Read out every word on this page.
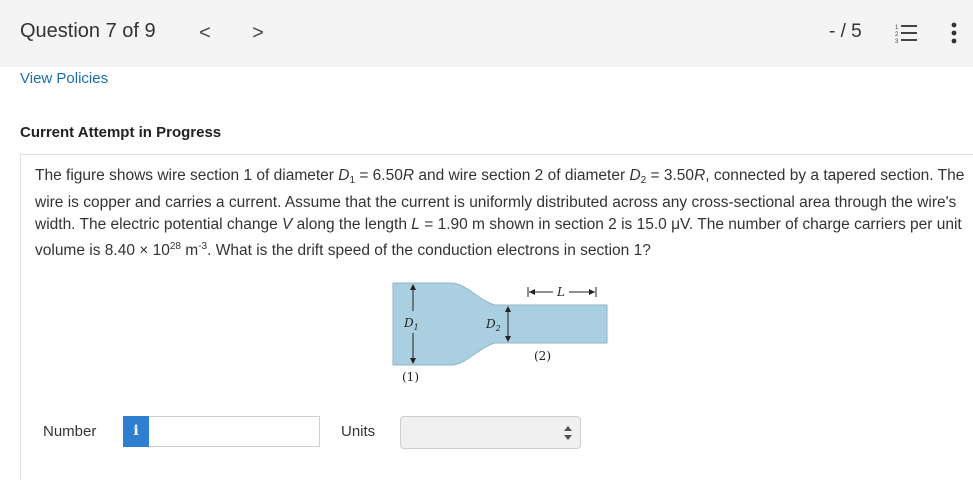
Question 7 of 9 < >	- / 5	1
2
3
View Policies
Current Attempt in Progress
The figure shows wire section 1 of diameter $D_1 = 6.50R$ and wire section 2 of diameter $D_2 = 3.50R$, connected by a tapered section. The wire is copper and carries a current. Assume that the current is uniformly distributed across any cross-sectional area through the wire's width. The electric potential change V along the length L = 1.90 m shown in section 2 is 15.0 μV. The number of charge carriers per unit volume is $8.40 \times 10^{28}$ $m^{-3}$. What is the drift speed of the conduction electrons in section 1?
$D_1$	$D_2$
L
(2)
(1)
Number	i	Units
